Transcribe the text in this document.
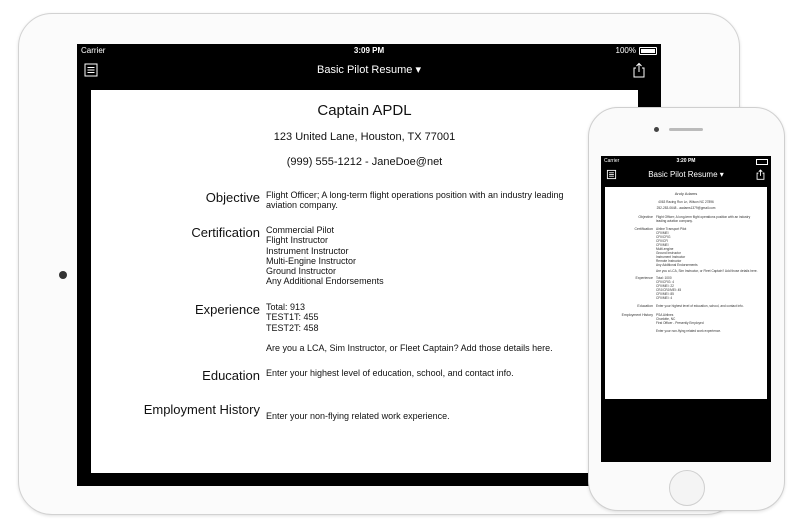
Carrier	3:09 PM	100%
Basic Pilot Resume ▾
Captain APDL
123 United Lane, Houston, TX 77001
(999) 555-1212 - JaneDoe@net
Objective Flight Officer; A long-term flight operations position with an industry leading aviation company.
Certification Commercial Pilot
Flight Instructor
Instrument Instructor
Multi-Engine Instructor
Ground Instructor
Any Additional Endorsements
Experience Total: 913
TEST1T: 455
TEST2T: 458
Are you a LCA, Sim Instructor, or Fleet Captain? Add those details here.
Education Enter your highest level of education, school, and contact info.
Employment History Enter your non-flying related work experience.
Carrier	3:20 PM
Basic Pilot Resume ▾
Andy Adams
4063 Racing Run Ln, Wilson NC 27896
252-283-0648 - aadams1379@gmail.com
Objective Flight Officer; A long-term flight operations position with an industry leading aviation company.
Certification Airline Transport Pilot
CFII/MEI
CFII/CFIG
CFII/CFI
CFII/MEI
Multi-engine
Ground Instructor
Instrument Instructor
Remote Instructor
Any Additional Endorsements
Are you a LCA, Sim Instructor, or Fleet Captain? Add those details here.
Experience Total: 1000
CFII/CFIG: 4
CFII/MEI: 22
CRJ/CRJ/MEI: 45
CFII/MEI: 85
CFII/MEI: 4
Education Enter your highest level of education, school, and contact info.
Employment History PSA Airlines
Charlotte, NC
First Officer - Presently Employed
Enter your non-flying related work experience.
